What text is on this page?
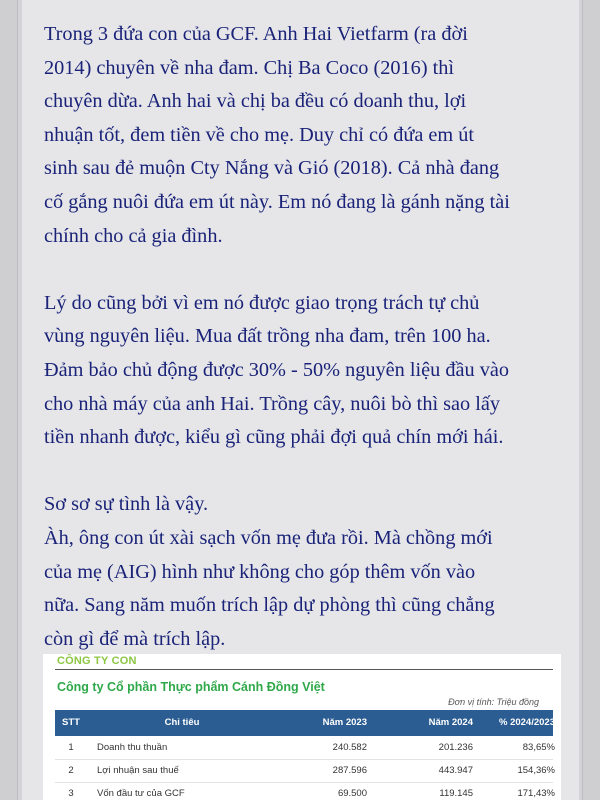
Trong 3 đứa con của GCF. Anh Hai Vietfarm (ra đời
2014) chuyên về nha đam. Chị Ba Coco (2016) thì
chuyên dừa. Anh hai và chị ba đều có doanh thu, lợi
nhuận tốt, đem tiền về cho mẹ. Duy chỉ có đứa em út
sinh sau đẻ muộn Cty Nắng và Gió (2018). Cả nhà đang
cố gắng nuôi đứa em út này. Em nó đang là gánh nặng tài
chính cho cả gia đình.

Lý do cũng bởi vì em nó được giao trọng trách tự chủ
vùng nguyên liệu. Mua đất trồng nha đam, trên 100 ha.
Đảm bảo chủ động được 30% - 50% nguyên liệu đầu vào
cho nhà máy của anh Hai. Trồng cây, nuôi bò thì sao lấy
tiền nhanh được, kiểu gì cũng phải đợi quả chín mới hái.

Sơ sơ sự tình là vậy.
Àh, ông con út xài sạch vốn mẹ đưa rồi. Mà chồng mới
của mẹ (AIG) hình như không cho góp thêm vốn vào
nữa. Sang năm muốn trích lập dự phòng thì cũng chẳng
còn gì để mà trích lập.

CÔNG TY CON
Công ty Cổ phần Thực phẩm Cánh Đồng Việt
Đơn vị tính: Triệu đồng
STT	Chỉ tiêu	Năm 2023	Năm 2024	% 2024/2023
1	Doanh thu thuần	240.582	201.236	83,65%
2	Lợi nhuận sau thuế	287.596	443.947	154,36%
3	Vốn đầu tư của GCF	69.500	119.145	171,43%
